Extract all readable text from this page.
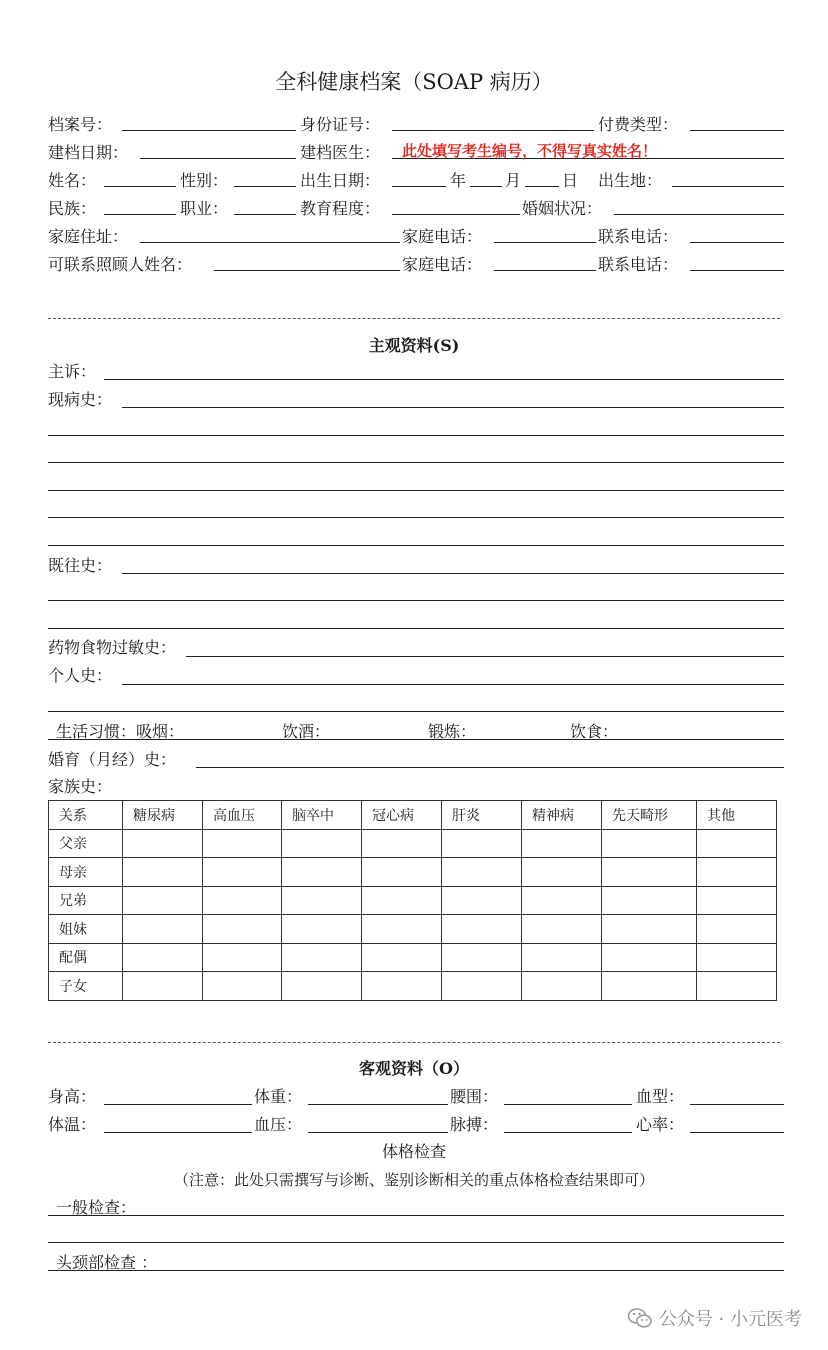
全科健康档案（SOAP 病历）
档案号：	身份证号：	付费类型：
建档日期：	建档医生： 此处填写考生编号，不得写真实姓名！
姓名：	性别：	出生日期：	年 月	日 出生地：
民族：	职业：	教育程度：	婚姻状况：
家庭住址：	家庭电话：	联系电话：
可联系照顾人姓名：	家庭电话：	联系电话：
主观资料(S)
主诉：
现病史：
既往史：
药物食物过敏史：
个人史：
生活习惯：吸烟：	饮酒：	锻炼：	饮食：
婚育（月经）史：
家族史：
关系	糖尿病	高血压	脑卒中	冠心病	肝炎	精神病	先天畸形	其他
父亲								
母亲								
兄弟								
姐妹								
配偶								
子女								
客观资料（O）
身高：	体重：	腰围：	血型：
体温：	血压：	脉搏：	心率：
体格检查
（注意：此处只需撰写与诊断、鉴别诊断相关的重点体格检查结果即可）
一般检查：
头颈部检查 ：
公众号 · 小元医考
